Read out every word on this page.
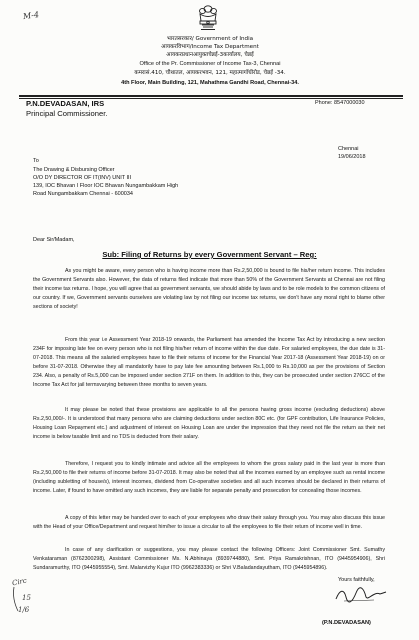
M-4
भारतसरकार/ Government of India
आयकरविभाग/Income Tax Department
आयकरप्रधानआयुक्तचेन्नई-3कार्यालय, चेन्नई
Office of the Pr. Commissioner of Income Tax-3, Chennai
कमरासं.410, चौथातल, आयकरभवन, 121, महात्मागाँधीरोड, चेन्नई -34.
4th Floor, Main Building, 121, Mahathma Gandhi Road, Chennai-34.
P.N.DEVADASAN, IRS
Principal Commissioner.
Phone: 8547000030
To
Chennai
19/06/2018
The Drawing & Disbursing Officer
O/O DY DIRECTOR OF IT(INV) UNIT III
139, IOC Bhavan I Floor IOC Bhavan Nungambakkam High
Road Nungambakkam Chennai - 600034
Dear Sir/Madam,
Sub: Filing of Returns by every Government Servant – Reg:

As you might be aware, every person who is having income more than Rs.2,50,000 is bound to file his/her return income. This includes the Government Servants also. However, the data of returns filed indicate that more than 50% of the Government Servants at Chennai are not filing their income tax returns. I hope, you will agree that as government servants, we should abide by laws and to be role models to the common citizens of our country. If we, Government servants ourselves are violating law by not filing our income tax returns, we don't have any moral right to blame other sections of society!

From this year i.e Assessment Year 2018-19 onwards, the Parliament has amended the Income Tax Act by introducing a new section 234F for imposing late fee on every person who is not filing his/her return of income within the due date. For salaried employees, the due date is 31-07-2018. This means all the salaried employees have to file their returns of income for the Financial Year 2017-18 (Assessment Year 2018-19) on or before 31-07-2018. Otherwise they all mandatorily have to pay late fee amounting between Rs.1,000 to Rs.10,000 as per the provisions of Section 234. Also, a penalty of Rs.5,000 can be imposed under section 271F on them. In addition to this, they can be prosecuted under section 276CC of the Income Tax Act for jail termsvarying between three months to seven years.

It may please be noted that these provisions are applicable to all the persons having gross income (excluding deductions) above Rs.2,50,000/-. It is understood that many persons who are claiming deductions under section 80C etc. (for GPF contribution, Life Insurance Policies, Housing Loan Repayment etc.) and adjustment of interest on Housing Loan are under the impression that they need not file the return as their net income is below taxable limit and no TDS is deducted from their salary.

Therefore, I request you to kindly intimate and advice all the employees to whom the gross salary paid in the last year is more than Rs.2,50,000 to file their returns of income before 31-07-2018. It may also be noted that all the incomes earned by an employee such as rental income (including subletting of house/s), interest incomes, dividend from Co-operative societies and all such incomes should be declared in their returns of income. Later, if found to have omitted any such incomes, they are liable for separate penalty and prosecution for concealing those incomes.

A copy of this letter may be handed over to each of your employees who draw their salary through you. You may also discuss this issue with the Head of your Office/Department and request him/her to issue a circular to all the employees to file their return of income well in time.

In case of any clarification or suggestions, you may please contact the following Officers: Joint Commissioner Smt. Sumathy Venkataraman (8762300298), Assistant Commissioner Ms. N.Abhinaya (8939744880), Smt. Priya Ramakrishnan, ITO (9445954906), Shri Sundaramurthy, ITO (9445955554), Smt. Malarvizhy Kujur ITO (9962383336) or Shri V.Baladandayutham, ITO (9445954896).

Circ
15
1/6
Yours faithfully,
(P.N.DEVADASAN)
